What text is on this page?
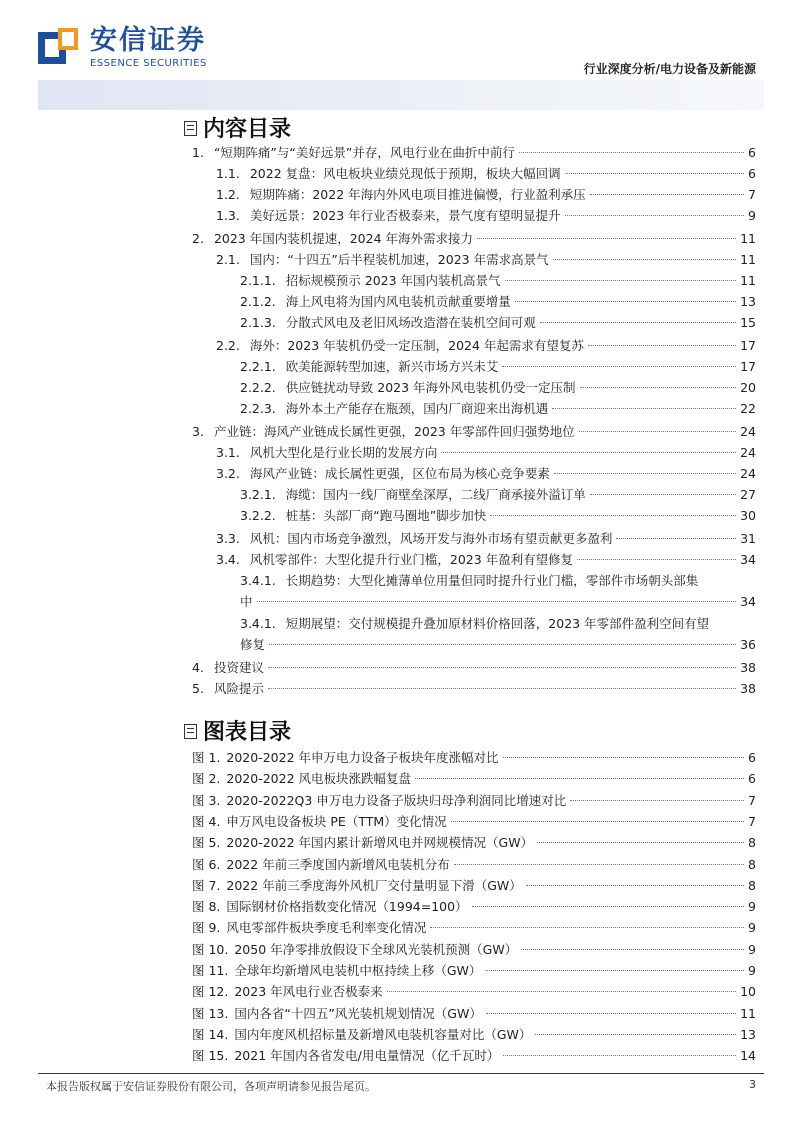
安信证券
ESSENCE SECURITIES	行业深度分析/电力设备及新能源
内容目录
1. “短期阵痛”与“美好远景”并存，风电行业在曲折中前行	6
1.1. 2022 复盘：风电板块业绩兑现低于预期，板块大幅回调	6
1.2. 短期阵痛：2022 年海内外风电项目推进偏慢，行业盈利承压	7
1.3. 美好远景：2023 年行业否极泰来，景气度有望明显提升	9
2. 2023 年国内装机提速，2024 年海外需求接力	11
2.1. 国内：“十四五”后半程装机加速，2023 年需求高景气	11
2.1.1. 招标规模预示 2023 年国内装机高景气	11
2.1.2. 海上风电将为国内风电装机贡献重要增量	13
2.1.3. 分散式风电及老旧风场改造潜在装机空间可观	15
2.2. 海外：2023 年装机仍受一定压制，2024 年起需求有望复苏	17
2.2.1. 欧美能源转型加速，新兴市场方兴未艾	17
2.2.2. 供应链扰动导致 2023 年海外风电装机仍受一定压制	20
2.2.3. 海外本土产能存在瓶颈，国内厂商迎来出海机遇	22
3. 产业链：海风产业链成长属性更强，2023 年零部件回归强势地位	24
3.1. 风机大型化是行业长期的发展方向	24
3.2. 海风产业链：成长属性更强，区位布局为核心竞争要素	24
3.2.1. 海缆：国内一线厂商壁垒深厚，二线厂商承接外溢订单	27
3.2.2. 桩基：头部厂商“跑马圈地”脚步加快	30
3.3. 风机：国内市场竞争激烈，风场开发与海外市场有望贡献更多盈利	31
3.4. 风机零部件：大型化提升行业门槛，2023 年盈利有望修复	34
3.4.1. 长期趋势：大型化摊薄单位用量但同时提升行业门槛，零部件市场朝头部集
中	34
3.4.1. 短期展望：交付规模提升叠加原材料价格回落，2023 年零部件盈利空间有望
修复	36
4. 投资建议	38
5. 风险提示	38
图表目录
图 1. 2020-2022 年申万电力设备子板块年度涨幅对比	6
图 2. 2020-2022 风电板块涨跌幅复盘	6
图 3. 2020-2022Q3 申万电力设备子版块归母净利润同比增速对比	7
图 4. 申万风电设备板块 PE（TTM）变化情况	7
图 5. 2020-2022 年国内累计新增风电并网规模情况（GW）	8
图 6. 2022 年前三季度国内新增风电装机分布	8
图 7. 2022 年前三季度海外风机厂交付量明显下滑（GW）	8
图 8. 国际钢材价格指数变化情况（1994=100）	9
图 9. 风电零部件板块季度毛利率变化情况	9
图 10. 2050 年净零排放假设下全球风光装机预测（GW）	9
图 11. 全球年均新增风电装机中枢持续上移（GW）	9
图 12. 2023 年风电行业否极泰来	10
图 13. 国内各省“十四五”风光装机规划情况（GW）	11
图 14. 国内年度风机招标量及新增风电装机容量对比（GW）	13
图 15. 2021 年国内各省发电/用电量情况（亿千瓦时）	14
本报告版权属于安信证券股份有限公司，各项声明请参见报告尾页。	3
